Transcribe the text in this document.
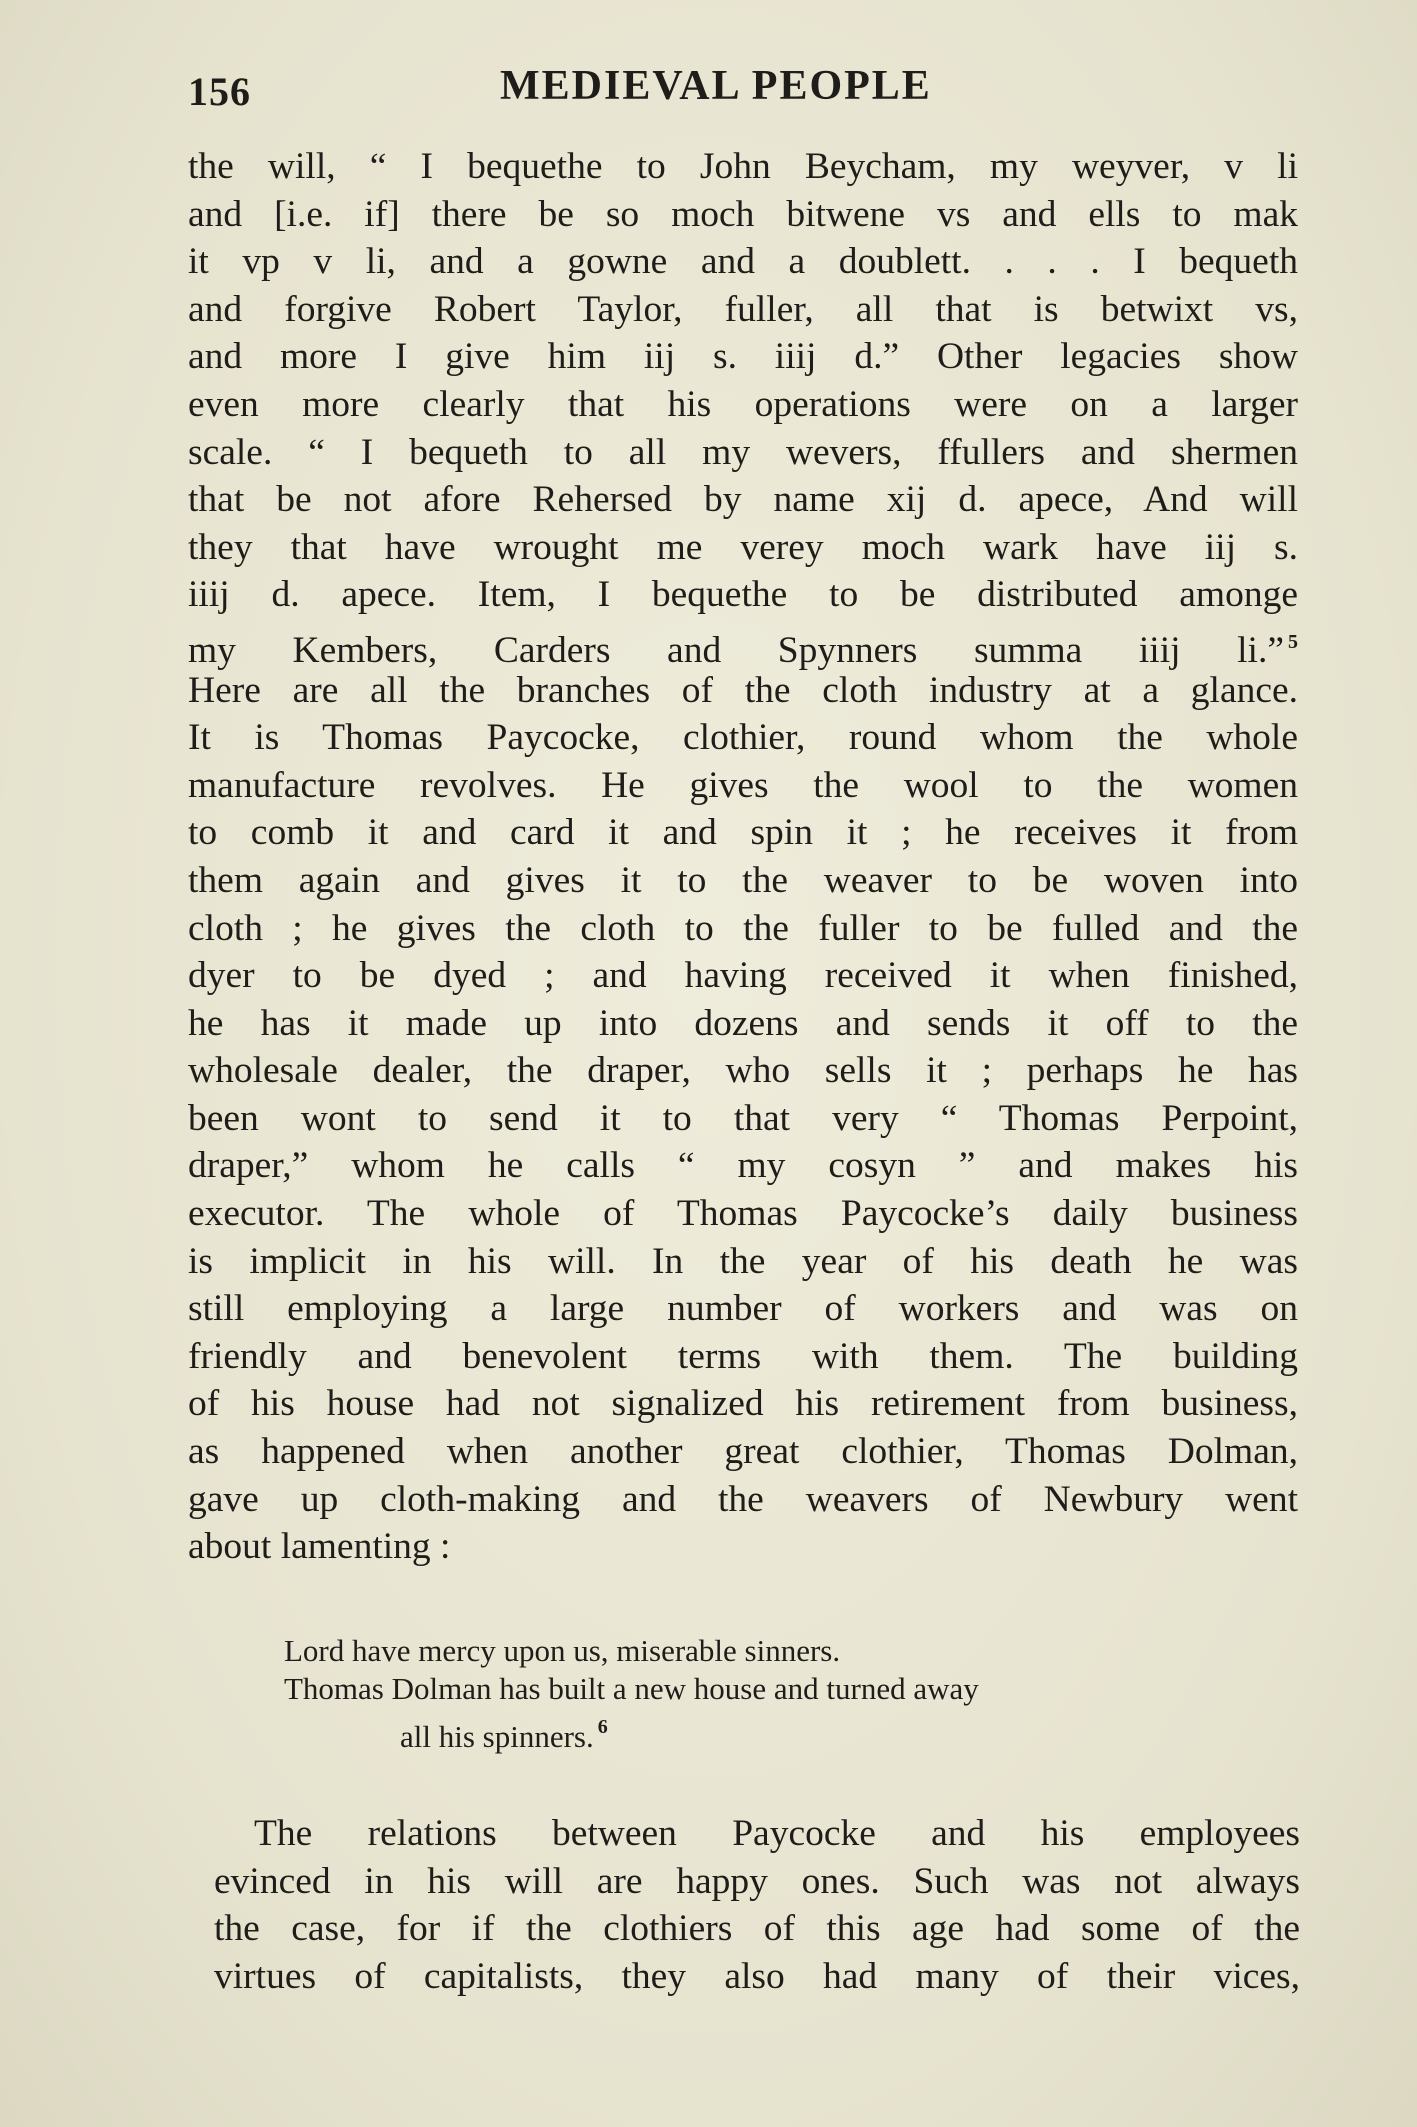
156	MEDIEVAL PEOPLE
the will, “ I bequethe to John Beycham, my weyver, v li
and [i.e. if] there be so moch bitwene vs and ells to mak
it vp v li, and a gowne and a doublett. . . . I bequeth
and forgive Robert Taylor, fuller, all that is betwixt vs,
and more I give him iij s. iiij d.” Other legacies show
even more clearly that his operations were on a larger
scale. “ I bequeth to all my wevers, ffullers and shermen
that be not afore Rehersed by name xij d. apece, And will
they that have wrought me verey moch wark have iij s.
iiij d. apece. Item, I bequethe to be distributed amonge
my Kembers, Carders and Spynners summa iiij li.” $^5$
Here are all the branches of the cloth industry at a glance.
It is Thomas Paycocke, clothier, round whom the whole
manufacture revolves. He gives the wool to the women
to comb it and card it and spin it ; he receives it from
them again and gives it to the weaver to be woven into
cloth ; he gives the cloth to the fuller to be fulled and the
dyer to be dyed ; and having received it when finished,
he has it made up into dozens and sends it off to the
wholesale dealer, the draper, who sells it ; perhaps he has
been wont to send it to that very “ Thomas Perpoint,
draper,” whom he calls “ my cosyn ” and makes his
executor. The whole of Thomas Paycocke’s daily business
is implicit in his will. In the year of his death he was
still employing a large number of workers and was on
friendly and benevolent terms with them. The building
of his house had not signalized his retirement from business,
as happened when another great clothier, Thomas Dolman,
gave up cloth-making and the weavers of Newbury went
about lamenting :
Lord have mercy upon us, miserable sinners.
Thomas Dolman has built a new house and turned away
all his spinners. $^6$
The relations between Paycocke and his employees
evinced in his will are happy ones. Such was not always
the case, for if the clothiers of this age had some of the
virtues of capitalists, they also had many of their vices,
